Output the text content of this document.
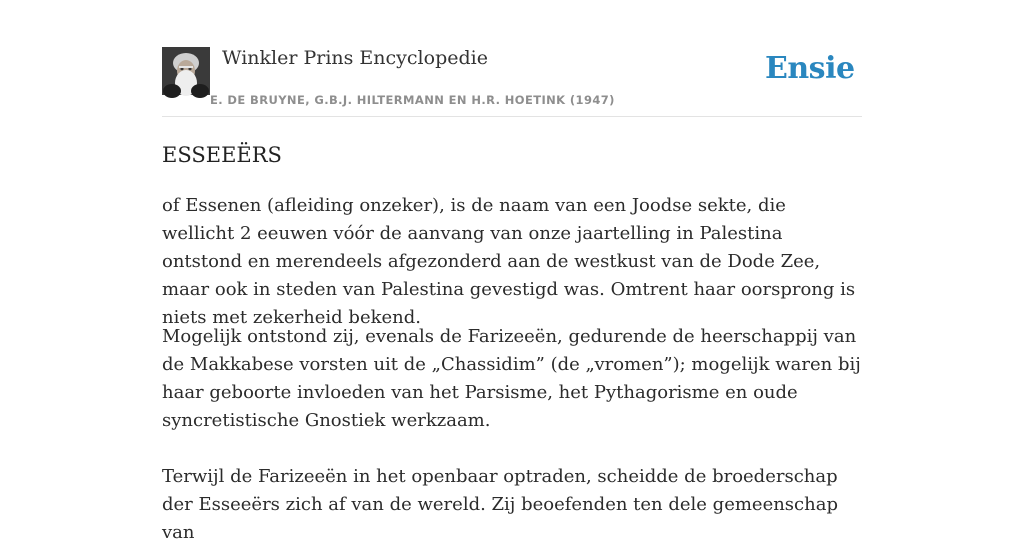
Winkler Prins Encyclopedie
E. DE BRUYNE, G.B.J. HILTERMANN EN H.R. HOETINK (1947)
Ensie
ESSEEËRS

of Essenen (afleiding onzeker), is de naam van een Joodse sekte, die wellicht 2 eeuwen vóór de aanvang van onze jaartelling in Palestina ontstond en merendeels afgezonderd aan de westkust van de Dode Zee, maar ook in steden van Palestina gevestigd was. Omtrent haar oorsprong is niets met zekerheid bekend.

Mogelijk ontstond zij, evenals de Farizeeën, gedurende de heerschappij van de Makkabese vorsten uit de „Chassidim” (de „vromen”); mogelijk waren bij haar geboorte invloeden van het Parsisme, het Pythagorisme en oude syncretistische Gnostiek werkzaam.

Terwijl de Farizeeën in het openbaar optraden, scheidde de broederschap der Esseeërs zich af van de wereld. Zij beoefenden ten dele gemeenschap van
